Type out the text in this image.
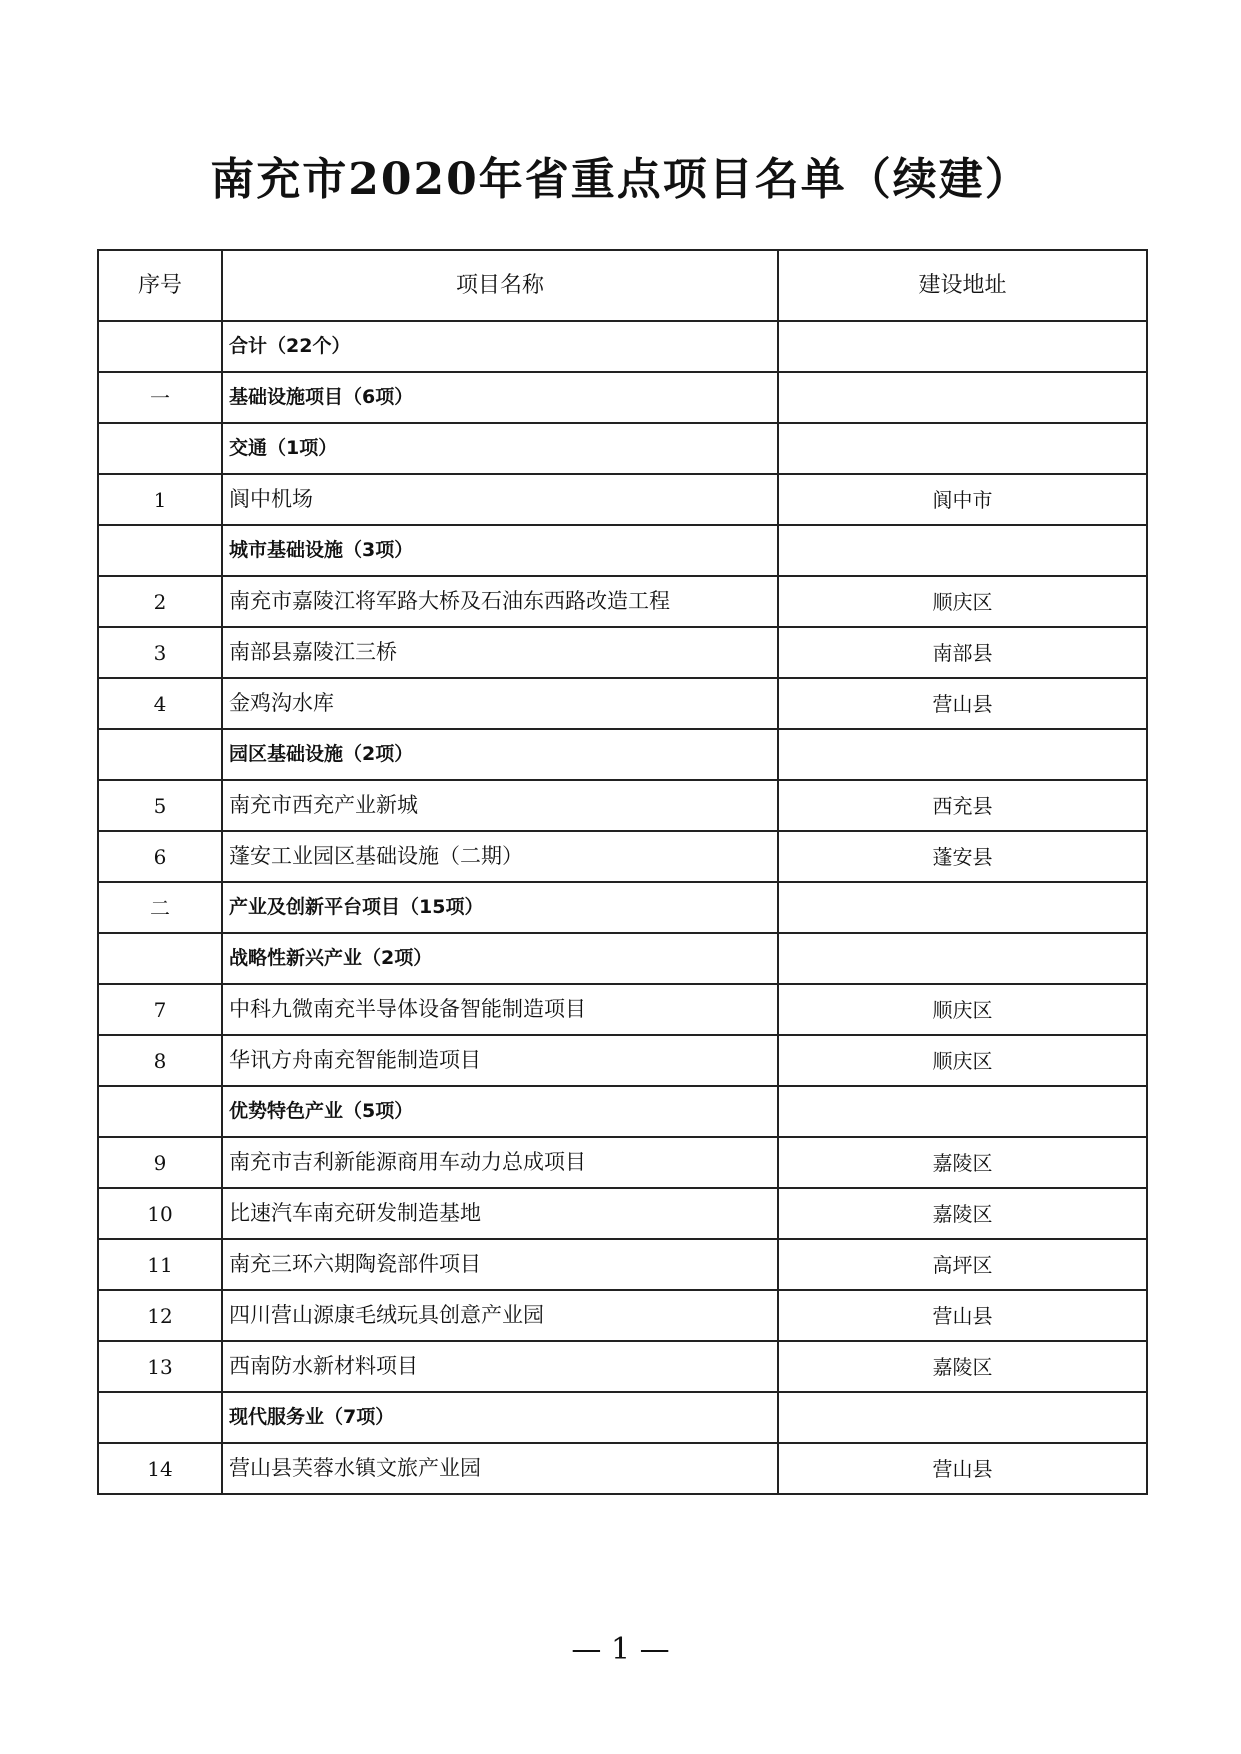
南充市2020年省重点项目名单（续建）
序号	项目名称	建设地址
	合计（22个）	
一	基础设施项目（6项）	
	交通（1项）	
1	阆中机场	阆中市
	城市基础设施（3项）	
2	南充市嘉陵江将军路大桥及石油东西路改造工程	顺庆区
3	南部县嘉陵江三桥	南部县
4	金鸡沟水库	营山县
	园区基础设施（2项）	
5	南充市西充产业新城	西充县
6	蓬安工业园区基础设施（二期）	蓬安县
二	产业及创新平台项目（15项）	
	战略性新兴产业（2项）	
7	中科九微南充半导体设备智能制造项目	顺庆区
8	华讯方舟南充智能制造项目	顺庆区
	优势特色产业（5项）	
9	南充市吉利新能源商用车动力总成项目	嘉陵区
10	比速汽车南充研发制造基地	嘉陵区
11	南充三环六期陶瓷部件项目	高坪区
12	四川营山源康毛绒玩具创意产业园	营山县
13	西南防水新材料项目	嘉陵区
	现代服务业（7项）	
14	营山县芙蓉水镇文旅产业园	营山县
— 1 —
